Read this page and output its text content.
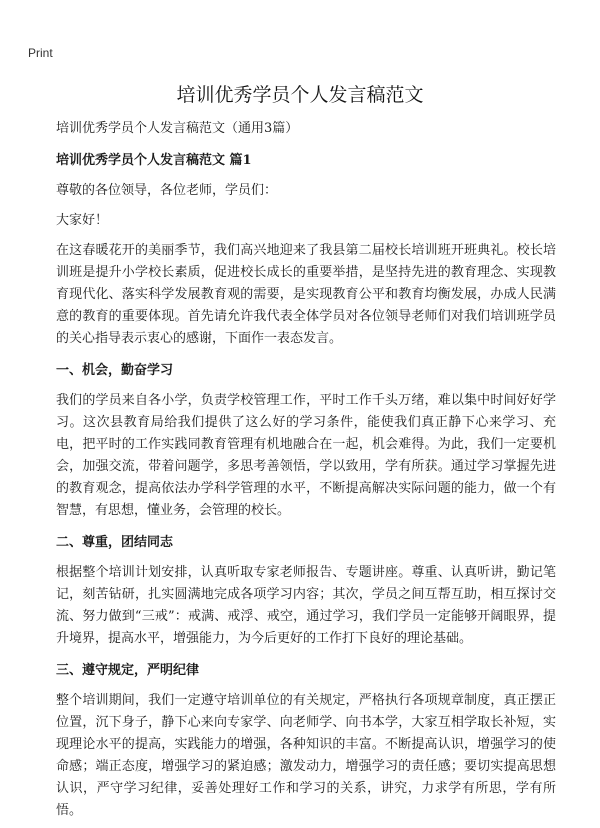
Print
培训优秀学员个人发言稿范文

培训优秀学员个人发言稿范文（通用3篇）

培训优秀学员个人发言稿范文 篇1

尊敬的各位领导，各位老师，学员们：

大家好！

在这春暖花开的美丽季节，我们高兴地迎来了我县第二届校长培训班开班典礼。校长培训班是提升小学校长素质，促进校长成长的重要举措，是坚持先进的教育理念、实现教育现代化、落实科学发展教育观的需要，是实现教育公平和教育均衡发展，办成人民满意的教育的重要体现。首先请允许我代表全体学员对各位领导老师们对我们培训班学员的关心指导表示衷心的感谢，下面作一表态发言。

一、机会，勤奋学习

我们的学员来自各小学，负责学校管理工作，平时工作千头万绪，难以集中时间好好学习。这次县教育局给我们提供了这么好的学习条件，能使我们真正静下心来学习、充电，把平时的工作实践同教育管理有机地融合在一起，机会难得。为此，我们一定要机会，加强交流，带着问题学，多思考善领悟，学以致用，学有所获。通过学习掌握先进的教育观念，提高依法办学科学管理的水平，不断提高解决实际问题的能力，做一个有智慧，有思想，懂业务，会管理的校长。

二、尊重，团结同志

根据整个培训计划安排，认真听取专家老师报告、专题讲座。尊重、认真听讲，勤记笔记，刻苦钻研，扎实圆满地完成各项学习内容；其次，学员之间互帮互助，相互探讨交流、努力做到“三戒”：戒满、戒浮、戒空，通过学习，我们学员一定能够开阔眼界，提升境界，提高水平，增强能力，为今后更好的工作打下良好的理论基础。

三、遵守规定，严明纪律

整个培训期间，我们一定遵守培训单位的有关规定，严格执行各项规章制度，真正摆正位置，沉下身子，静下心来向专家学、向老师学、向书本学，大家互相学取长补短，实现理论水平的提高，实践能力的增强，各种知识的丰富。不断提高认识，增强学习的使命感；端正态度，增强学习的紧迫感；激发动力，增强学习的责任感；要切实提高思想认识，严守学习纪律，妥善处理好工作和学习的关系，讲究，力求学有所思，学有所悟。
